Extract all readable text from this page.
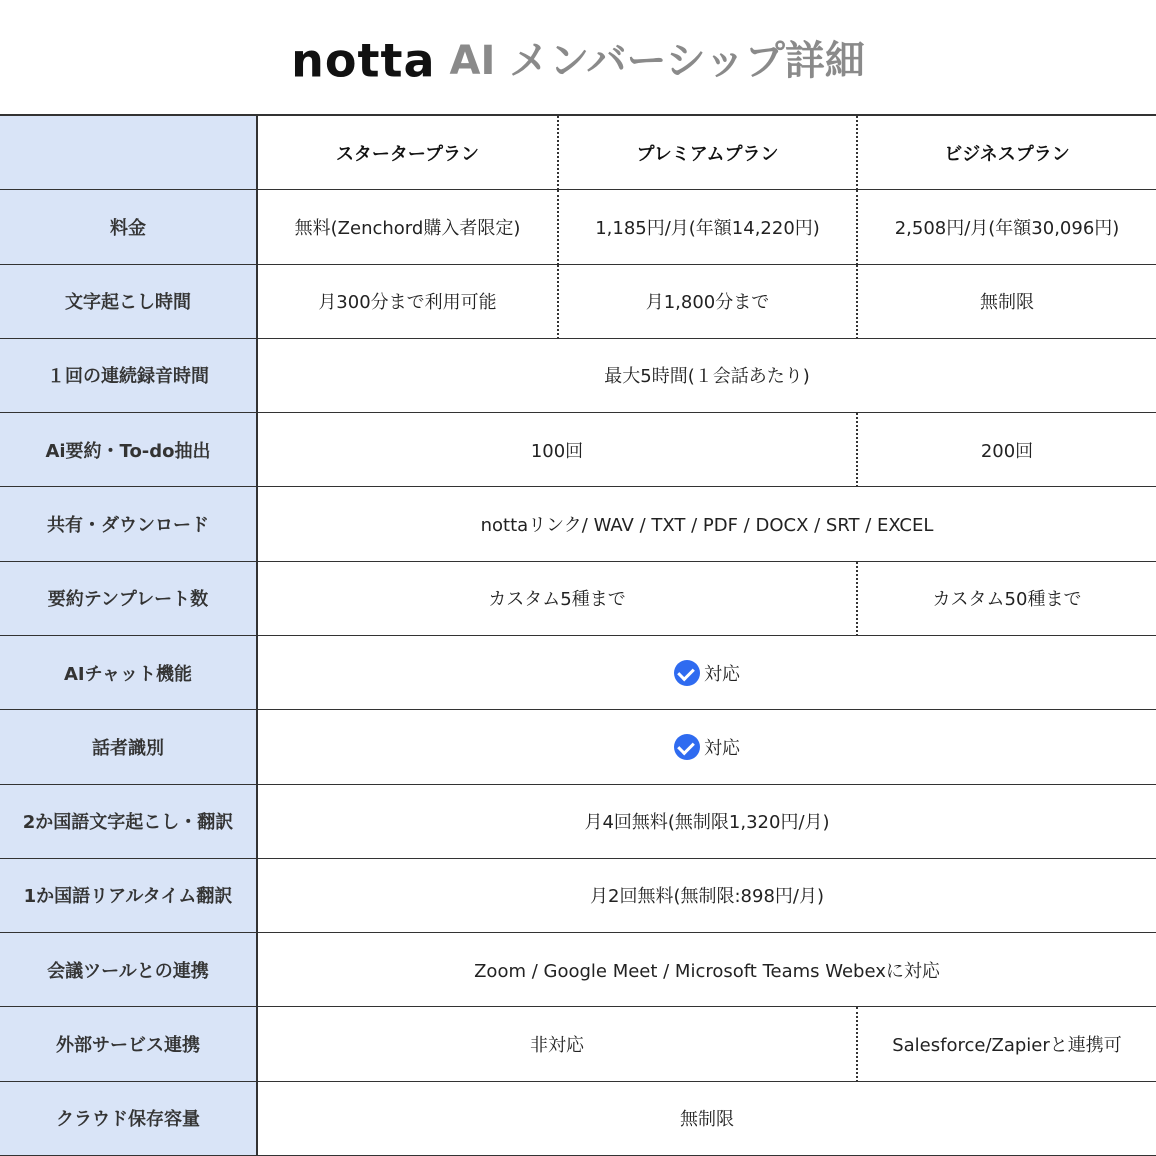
notta AI メンバーシップ詳細
スタータープラン	プレミアムプラン	ビジネスプラン
料金	無料(Zenchord購入者限定)	1,185円/月(年額14,220円)	2,508円/月(年額30,096円)
文字起こし時間	月300分まで利用可能	月1,800分まで	無制限
１回の連続録音時間	最大5時間(１会話あたり)
Ai要約・To-do抽出	100回	200回
共有・ダウンロード	nottaリンク/ WAV / TXT / PDF / DOCX / SRT / EXCEL
要約テンプレート数	カスタム5種まで	カスタム50種まで
AIチャット機能	対応
話者識別	対応
2か国語文字起こし・翻訳	月4回無料(無制限1,320円/月)
1か国語リアルタイム翻訳	月2回無料(無制限:898円/月)
会議ツールとの連携	Zoom / Google Meet / Microsoft Teams Webexに対応
外部サービス連携	非対応	Salesforce/Zapierと連携可
クラウド保存容量	無制限
